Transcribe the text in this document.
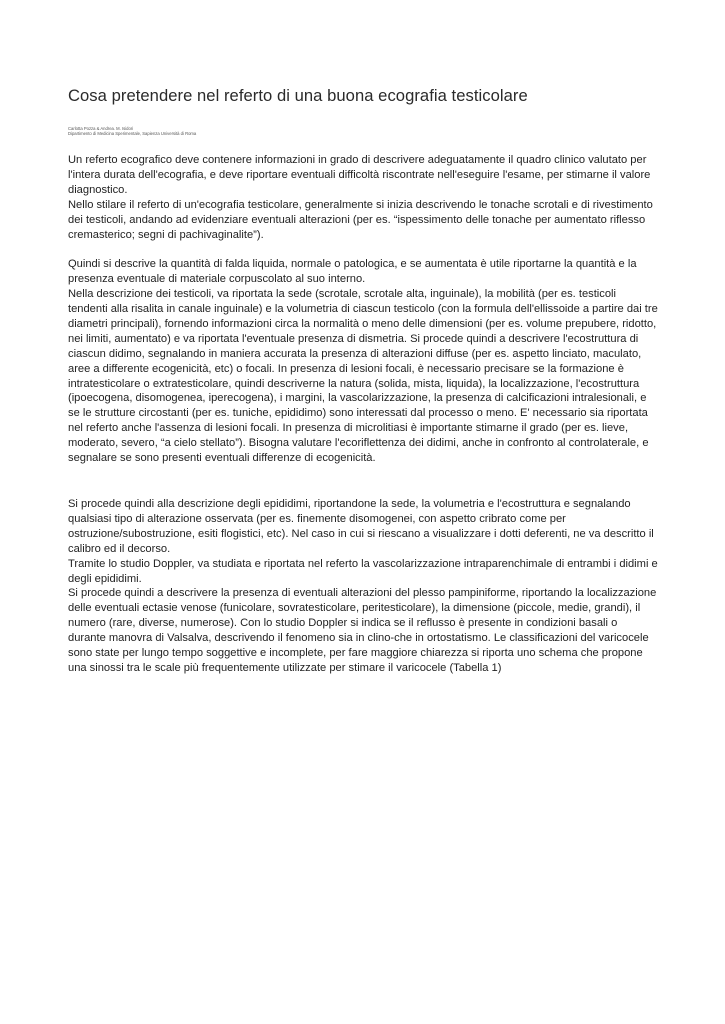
Cosa pretendere nel referto di una buona ecografia testicolare
Carlotta Pozza & Andrea. M. Isidori
Dipartimento di Medicina Sperimentale, Sapienza Università di Roma

Un referto ecografico deve contenere informazioni in grado di descrivere adeguatamente il quadro clinico valutato per l'intera durata dell'ecografia, e deve riportare eventuali difficoltà riscontrate nell'eseguire l'esame, per stimarne il valore diagnostico.

Nello stilare il referto di un'ecografia testicolare, generalmente si inizia descrivendo le tonache scrotali e di rivestimento dei testicoli, andando ad evidenziare eventuali alterazioni (per es. “ispessimento delle tonache per aumentato riflesso cremasterico; segni di pachivaginalite”).

Quindi si descrive la quantità di falda liquida, normale o patologica, e se aumentata è utile riportarne la quantità e la presenza eventuale di materiale corpuscolato al suo interno.

Nella descrizione dei testicoli, va riportata la sede (scrotale, scrotale alta, inguinale), la mobilità (per es. testicoli tendenti alla risalita in canale inguinale) e la volumetria di ciascun testicolo (con la formula dell'ellissoide a partire dai tre diametri principali), fornendo informazioni circa la normalità o meno delle dimensioni (per es. volume prepubere, ridotto, nei limiti, aumentato) e va riportata l'eventuale presenza di dismetria. Si procede quindi a descrivere l'ecostruttura di ciascun didimo, segnalando in maniera accurata la presenza di alterazioni diffuse (per es. aspetto linciato, maculato, aree a differente ecogenicità, etc) o focali. In presenza di lesioni focali, è necessario precisare se la formazione è intratesticolare o extratesticolare, quindi descriverne la natura (solida, mista, liquida), la localizzazione, l'ecostruttura (ipoecogena, disomogenea, iperecogena), i margini, la vascolarizzazione, la presenza di calcificazioni intralesionali, e se le strutture circostanti (per es. tuniche, epididimo) sono interessati dal processo o meno. E' necessario sia riportata nel referto anche l'assenza di lesioni focali. In presenza di microlitiasi è importante stimarne il grado (per es. lieve, moderato, severo, “a cielo stellato”). Bisogna valutare l'ecoriflettenza dei didimi, anche in confronto al controlaterale, e segnalare se sono presenti eventuali differenze di ecogenicità.

Si procede quindi alla descrizione degli epididimi, riportandone la sede, la volumetria e l'ecostruttura e segnalando qualsiasi tipo di alterazione osservata (per es. finemente disomogenei, con aspetto cribrato come per ostruzione/subostruzione, esiti flogistici, etc). Nel caso in cui si riescano a visualizzare i dotti deferenti, ne va descritto il calibro ed il decorso.

Tramite lo studio Doppler, va studiata e riportata nel referto la vascolarizzazione intraparenchimale di entrambi i didimi e degli epididimi.

Si procede quindi a descrivere la presenza di eventuali alterazioni del plesso pampiniforme, riportando la localizzazione delle eventuali ectasie venose (funicolare, sovratesticolare, peritesticolare), la dimensione (piccole, medie, grandi), il numero (rare, diverse, numerose). Con lo studio Doppler si indica se il reflusso è presente in condizioni basali o durante manovra di Valsalva, descrivendo il fenomeno sia in clino-che in ortostatismo. Le classificazioni del varicocele sono state per lungo tempo soggettive e incomplete, per fare maggiore chiarezza si riporta uno schema che propone una sinossi tra le scale più frequentemente utilizzate per stimare il varicocele (Tabella 1)
